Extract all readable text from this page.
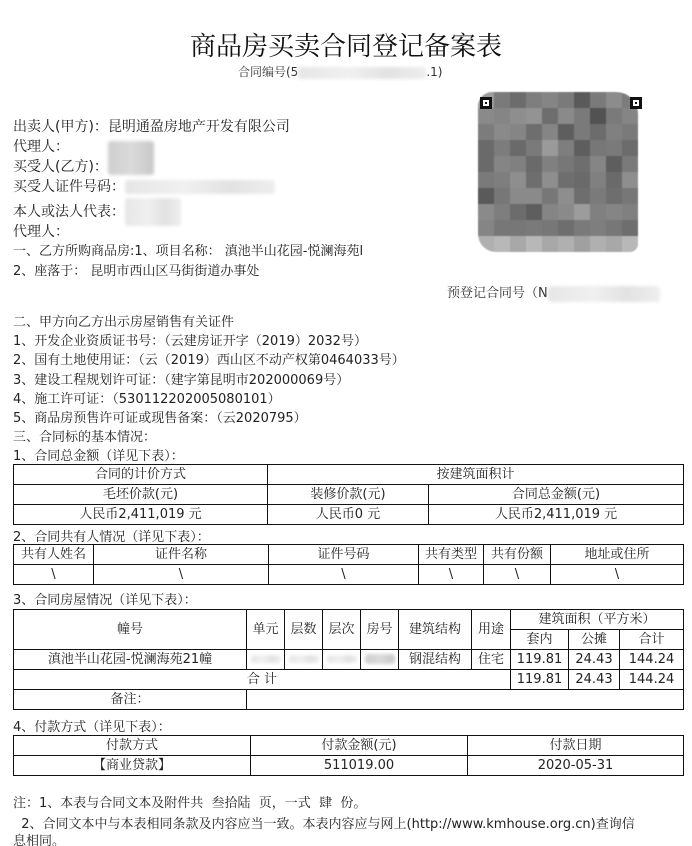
商品房买卖合同登记备案表
合同编号(5	.1)
出卖人(甲方)：昆明通盈房地产开发有限公司
代理人：
买受人(乙方)：
买受人证件号码：
本人或法人代表：
代理人：
一、乙方所购商品房:1、项目名称： 滇池半山花园-悦澜海苑l
2、座落于： 昆明市西山区马街街道办事处
预登记合同号（N
二、甲方向乙方出示房屋销售有关证件
1、开发企业资质证书号：（云建房证开字（2019）2032号）
2、国有土地使用证：（云（2019）西山区不动产权第0464033号）
3、建设工程规划许可证：（建字第昆明市202000069号）
4、施工许可证：（530112202005080101）
5、商品房预售许可证或现售备案：（云2020795）
三、合同标的基本情况：
1、合同总金额（详见下表）：
合同的计价方式	按建筑面积计	
毛坯价款(元)	装修价款(元)	合同总金额(元)
人民币2,411,019 元	人民币0 元	人民币2,411,019 元
2、合同共有人情况（详见下表）：
共有人姓名	证件名称	证件号码	共有类型	共有份额	地址或住所
\	\	\	\	\	\
3、合同房屋情况（详见下表）：
幢号	单元	层数	层次	房号	建筑结构	用途	建筑面积（平方米）		
							套内	公摊	合计
滇池半山花园-悦澜海苑21幢					钢混结构	住宅	119.81	24.43	144.24
合 计							119.81	24.43	144.24
备注：									
4、付款方式（详见下表）：
付款方式	付款金额(元)	付款日期
【商业贷款】	511019.00	2020-05-31
注：1、本表与合同文本及附件共  叁拾陆  页，一式  肆  份。
2、合同文本中与本表相同条款及内容应当一致。本表内容应与网上(http://www.kmhouse.org.cn)查询信
息相同。
